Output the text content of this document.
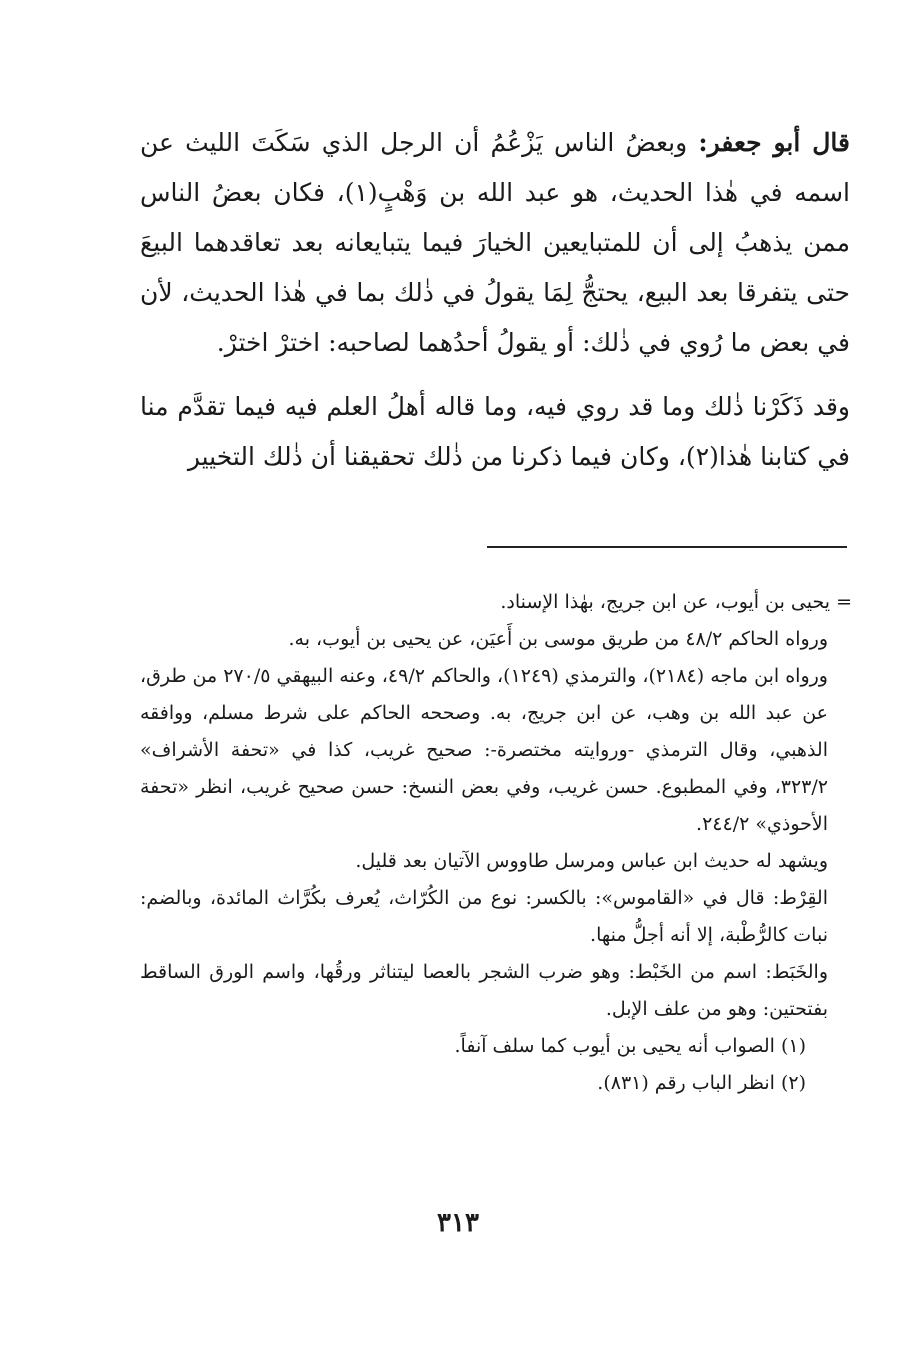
قال أبو جعفر: وبعضُ الناس يَزْعُمُ أن الرجل الذي سَكَتَ الليث عن اسمه في هٰذا الحديث، هو عبد الله بن وَهْبٍ(١)، فكان بعضُ الناس ممن يذهبُ إلى أن للمتبايعين الخيارَ فيما يتبايعانه بعد تعاقدهما البيعَ حتى يتفرقا بعد البيع، يحتجُّ لِمَا يقولُ في ذٰلك بما في هٰذا الحديث، لأن في بعض ما رُوي في ذٰلك: أو يقولُ أحدُهما لصاحبه: اخترْ اخترْ.

وقد ذَكَرْنا ذٰلك وما قد روي فيه، وما قاله أهلُ العلم فيه فيما تقدَّم منا في كتابنا هٰذا(٢)، وكان فيما ذكرنا من ذٰلك تحقيقنا أن ذٰلك التخيير

= يحيى بن أيوب، عن ابن جريج، بهٰذا الإسناد.

ورواه الحاكم ٤٨/٢ من طريق موسى بن أَعيَن، عن يحيى بن أيوب، به.

ورواه ابن ماجه (٢١٨٤)، والترمذي (١٢٤٩)، والحاكم ٤٩/٢، وعنه البيهقي ٢٧٠/٥ من طرق، عن عبد الله بن وهب، عن ابن جريج، به. وصححه الحاكم على شرط مسلم، ووافقه الذهبي، وقال الترمذي -وروايته مختصرة-: صحيح غريب، كذا في «تحفة الأشراف» ٣٢٣/٢، وفي المطبوع. حسن غريب، وفي بعض النسخ: حسن صحيح غريب، انظر «تحفة الأحوذي» ٢٤٤/٢.

ويشهد له حديث ابن عباس ومرسل طاووس الآتيان بعد قليل.

القِرْط: قال في «القاموس»: بالكسر: نوع من الكُرّاث، يُعرف بكُرَّاث المائدة، وبالضم: نبات كالرُّطْبة، إلا أنه أجلُّ منها.

والخَبَط: اسم من الخَبْط: وهو ضرب الشجر بالعصا ليتناثر ورقُها، واسم الورق الساقط بفتحتين: وهو من علف الإبل.

(١) الصواب أنه يحيى بن أيوب كما سلف آنفاً.

(٢) انظر الباب رقم (٨٣١).

٣١٣
